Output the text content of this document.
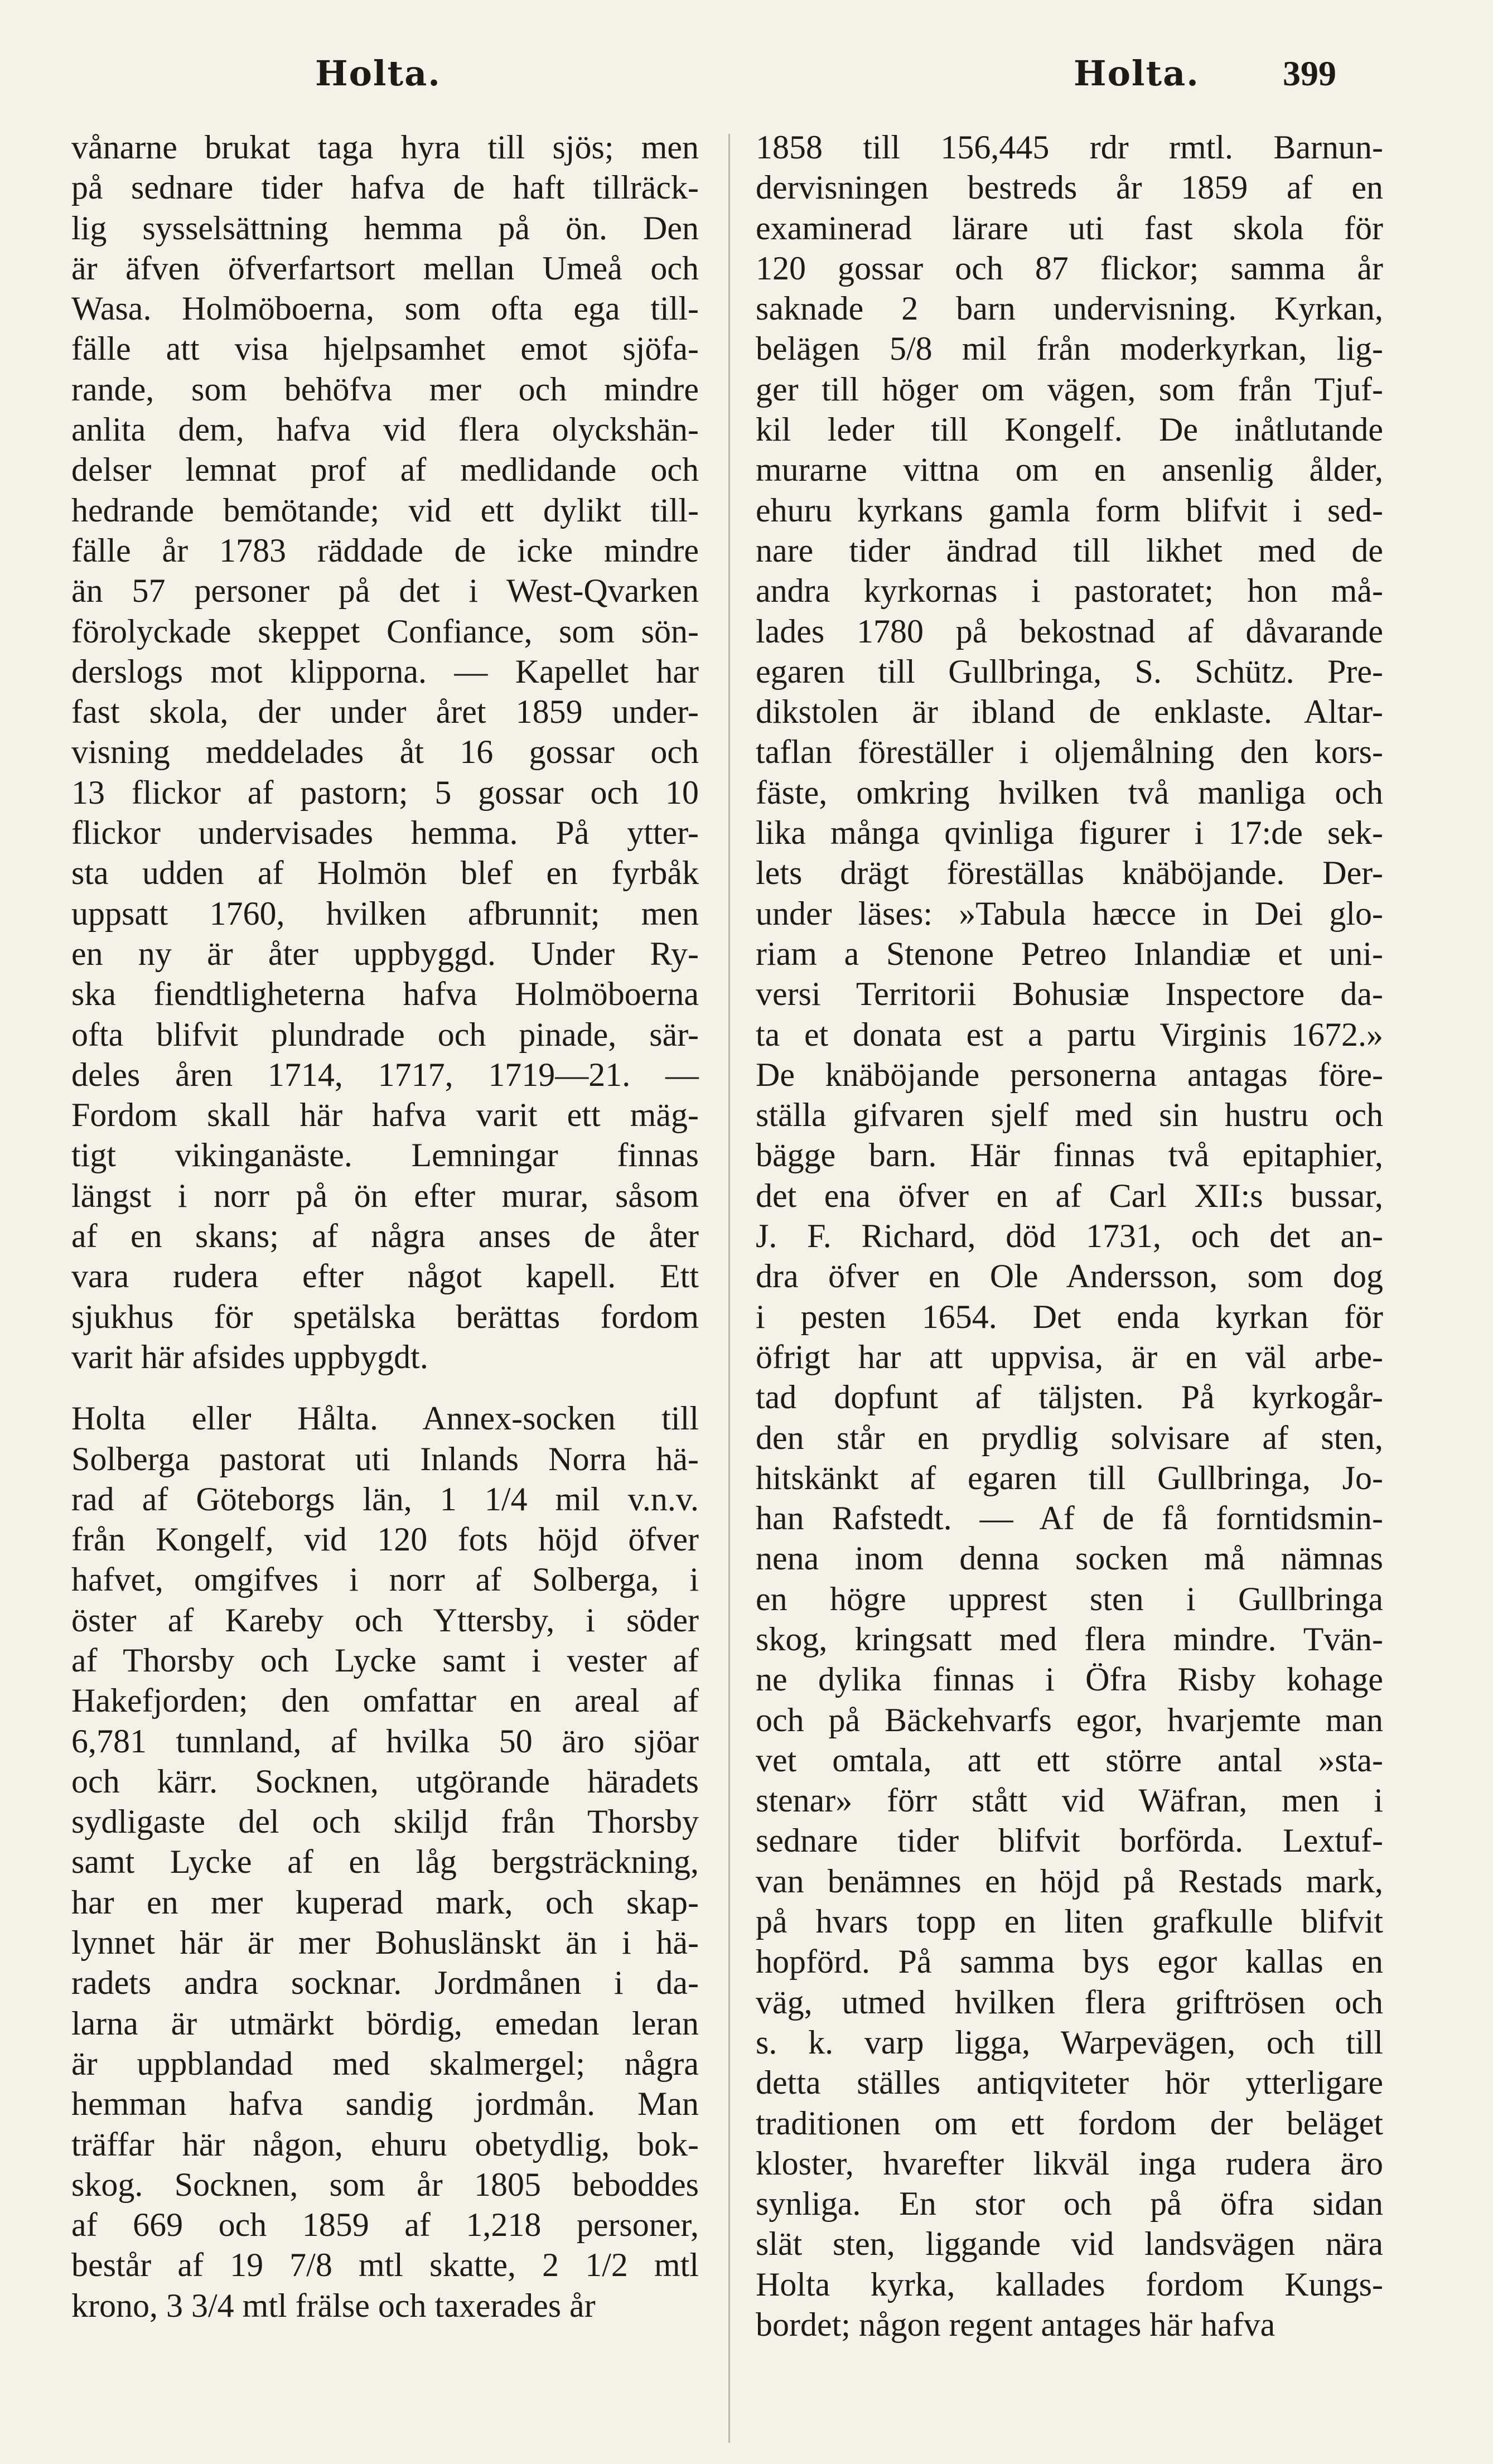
Holta.	Holta. 399
vånarne brukat taga hyra till sjös; men
på sednare tider hafva de haft tillräck-
lig sysselsättning hemma på ön. Den
är äfven öfverfartsort mellan Umeå och
Wasa. Holmöboerna, som ofta ega till-
fälle att visa hjelpsamhet emot sjöfa-
rande, som behöfva mer och mindre
anlita dem, hafva vid flera olyckshän-
delser lemnat prof af medlidande och
hedrande bemötande; vid ett dylikt till-
fälle år 1783 räddade de icke mindre
än 57 personer på det i West-Qvarken
förolyckade skeppet Confiance, som sön-
derslogs mot klipporna. — Kapellet har
fast skola, der under året 1859 under-
visning meddelades åt 16 gossar och
13 flickor af pastorn; 5 gossar och 10
flickor undervisades hemma. På ytter-
sta udden af Holmön blef en fyrbåk
uppsatt 1760, hvilken afbrunnit; men
en ny är åter uppbyggd. Under Ry-
ska fiendtligheterna hafva Holmöboerna
ofta blifvit plundrade och pinade, sär-
deles åren 1714, 1717, 1719—21. —
Fordom skall här hafva varit ett mäg-
tigt vikinganäste. Lemningar finnas
längst i norr på ön efter murar, såsom
af en skans; af några anses de åter
vara rudera efter något kapell. Ett
sjukhus för spetälska berättas fordom
varit här afsides uppbygdt.
Holta eller Hålta. Annex-socken till
Solberga pastorat uti Inlands Norra hä-
rad af Göteborgs län, 1 1/4 mil v.n.v.
från Kongelf, vid 120 fots höjd öfver
hafvet, omgifves i norr af Solberga, i
öster af Kareby och Yttersby, i söder
af Thorsby och Lycke samt i vester af
Hakefjorden; den omfattar en areal af
6,781 tunnland, af hvilka 50 äro sjöar
och kärr. Socknen, utgörande häradets
sydligaste del och skiljd från Thorsby
samt Lycke af en låg bergsträckning,
har en mer kuperad mark, och skap-
lynnet här är mer Bohuslänskt än i hä-
radets andra socknar. Jordmånen i da-
larna är utmärkt bördig, emedan leran
är uppblandad med skalmergel; några
hemman hafva sandig jordmån. Man
träffar här någon, ehuru obetydlig, bok-
skog. Socknen, som år 1805 beboddes
af 669 och 1859 af 1,218 personer,
består af 19 7/8 mtl skatte, 2 1/2 mtl
krono, 3 3/4 mtl frälse och taxerades år
1858 till 156,445 rdr rmtl. Barnun-
dervisningen bestreds år 1859 af en
examinerad lärare uti fast skola för
120 gossar och 87 flickor; samma år
saknade 2 barn undervisning. Kyrkan,
belägen 5/8 mil från moderkyrkan, lig-
ger till höger om vägen, som från Tjuf-
kil leder till Kongelf. De inåtlutande
murarne vittna om en ansenlig ålder,
ehuru kyrkans gamla form blifvit i sed-
nare tider ändrad till likhet med de
andra kyrkornas i pastoratet; hon må-
lades 1780 på bekostnad af dåvarande
egaren till Gullbringa, S. Schütz. Pre-
dikstolen är ibland de enklaste. Altar-
taflan föreställer i oljemålning den kors-
fäste, omkring hvilken två manliga och
lika många qvinliga figurer i 17:de sek-
lets drägt föreställas knäböjande. Der-
under läses: »Tabula hæcce in Dei glo-
riam a Stenone Petreo Inlandiæ et uni-
versi Territorii Bohusiæ Inspectore da-
ta et donata est a partu Virginis 1672.»
De knäböjande personerna antagas före-
ställa gifvaren sjelf med sin hustru och
bägge barn. Här finnas två epitaphier,
det ena öfver en af Carl XII:s bussar,
J. F. Richard, död 1731, och det an-
dra öfver en Ole Andersson, som dog
i pesten 1654. Det enda kyrkan för
öfrigt har att uppvisa, är en väl arbe-
tad dopfunt af täljsten. På kyrkogår-
den står en prydlig solvisare af sten,
hitskänkt af egaren till Gullbringa, Jo-
han Rafstedt. — Af de få forntidsmin-
nena inom denna socken må nämnas
en högre upprest sten i Gullbringa
skog, kringsatt med flera mindre. Tvän-
ne dylika finnas i Öfra Risby kohage
och på Bäckehvarfs egor, hvarjemte man
vet omtala, att ett större antal »sta-
stenar» förr stått vid Wäfran, men i
sednare tider blifvit borförda. Lextuf-
van benämnes en höjd på Restads mark,
på hvars topp en liten grafkulle blifvit
hopförd. På samma bys egor kallas en
väg, utmed hvilken flera griftrösen och
s. k. varp ligga, Warpevägen, och till
detta ställes antiqviteter hör ytterligare
traditionen om ett fordom der beläget
kloster, hvarefter likväl inga rudera äro
synliga. En stor och på öfra sidan
slät sten, liggande vid landsvägen nära
Holta kyrka, kallades fordom Kungs-
bordet; någon regent antages här hafva
